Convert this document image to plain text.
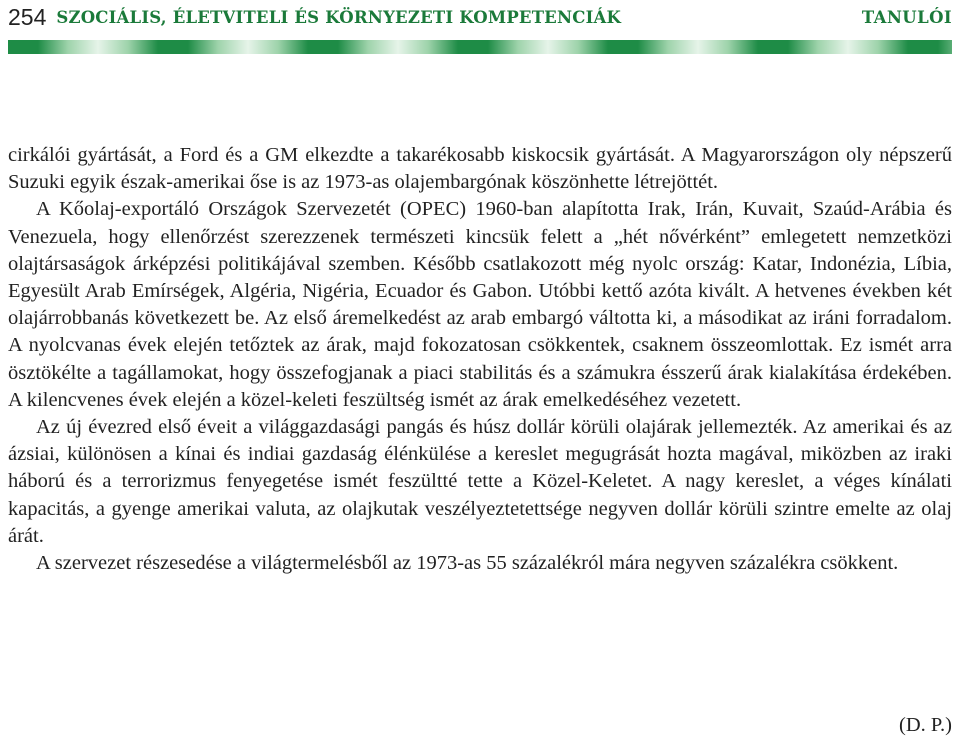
254 SZOCIÁLIS, ÉLETVITELI ÉS KÖRNYEZETI KOMPETENCIÁK	TANULÓI

cirkálói gyártását, a Ford és a GM elkezdte a takarékosabb kiskocsik gyártását. A Magyarországon oly népszerű Suzuki egyik észak-amerikai őse is az 1973-as olajembargónak köszönhette létrejöttét.

A Kőolaj-exportáló Országok Szervezetét (OPEC) 1960-ban alapította Irak, Irán, Kuvait, Szaúd-Arábia és Venezuela, hogy ellenőrzést szerezzenek természeti kincsük felett a „hét nővérként” emlegetett nemzetközi olajtársaságok árképzési politikájával szemben. Később csatlakozott még nyolc ország: Katar, Indonézia, Líbia, Egyesült Arab Emírségek, Algéria, Nigéria, Ecuador és Gabon. Utóbbi kettő azóta kivált. A hetvenes években két olajárrobbanás következett be. Az első áremelkedést az arab embargó váltotta ki, a másodikat az iráni forradalom. A nyolcvanas évek elején tetőztek az árak, majd fokozatosan csökkentek, csaknem összeomlottak. Ez ismét arra ösztökélte a tagállamokat, hogy összefogjanak a piaci stabilitás és a számukra ésszerű árak kialakítása érdekében. A kilencvenes évek elején a közel-keleti feszültség ismét az árak emelkedéséhez vezetett.

Az új évezred első éveit a világgazdasági pangás és húsz dollár körüli olajárak jellemezték. Az amerikai és az ázsiai, különösen a kínai és indiai gazdaság élénkülése a kereslet megugrását hozta magával, miközben az iraki háború és a terrorizmus fenyegetése ismét feszültté tette a Közel-Keletet. A nagy kereslet, a véges kínálati kapacitás, a gyenge amerikai valuta, az olajkutak veszélyeztetettsége negyven dollár körüli szintre emelte az olaj árát.

A szervezet részesedése a világtermelésből az 1973-as 55 százalékról mára negyven százalékra csökkent.

(D. P.)
